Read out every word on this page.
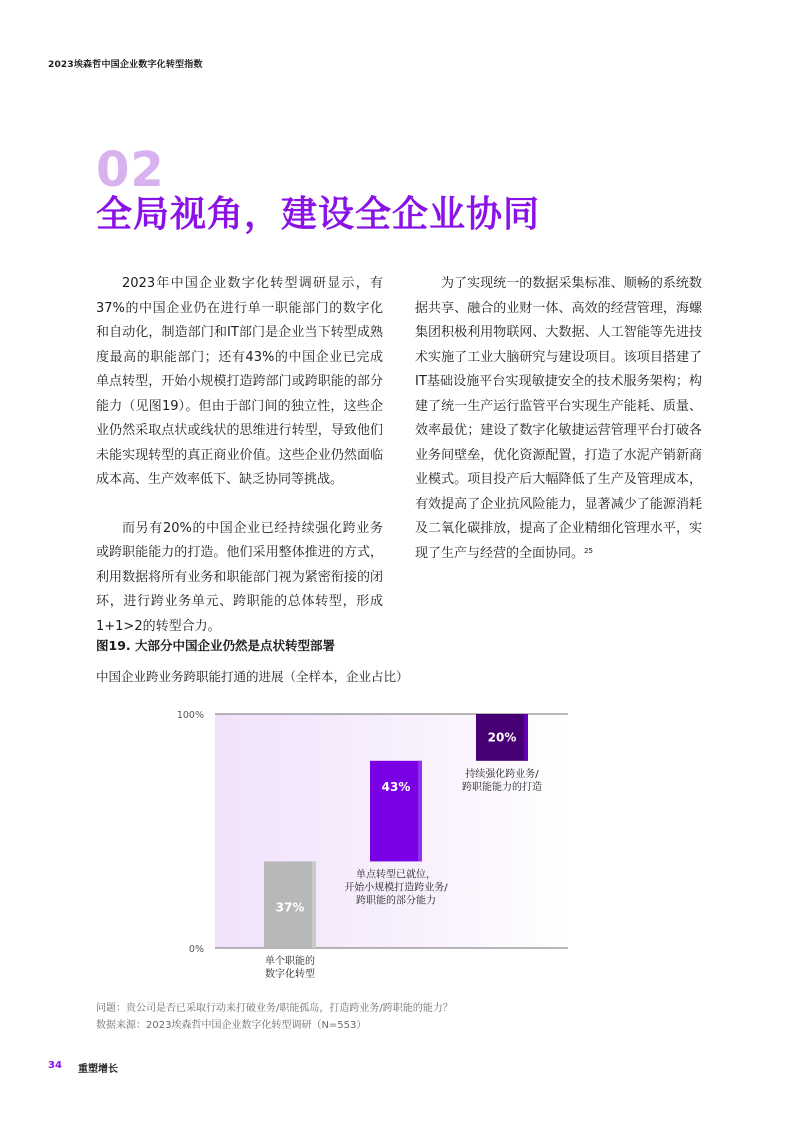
2023埃森哲中国企业数字化转型指数
02
全局视角，建设全企业协同

2023年中国企业数字化转型调研显示，有37%的中国企业仍在进行单一职能部门的数字化和自动化，制造部门和IT部门是企业当下转型成熟度最高的职能部门；还有43%的中国企业已完成单点转型，开始小规模打造跨部门或跨职能的部分能力（见图19）。但由于部门间的独立性，这些企业仍然采取点状或线状的思维进行转型，导致他们未能实现转型的真正商业价值。这些企业仍然面临成本高、生产效率低下、缺乏协同等挑战。

而另有20%的中国企业已经持续强化跨业务或跨职能能力的打造。他们采用整体推进的方式，利用数据将所有业务和职能部门视为紧密衔接的闭环，进行跨业务单元、跨职能的总体转型，形成1+1>2的转型合力。

为了实现统一的数据采集标准、顺畅的系统数据共享、融合的业财一体、高效的经营管理，海螺集团积极利用物联网、大数据、人工智能等先进技术实施了工业大脑研究与建设项目。该项目搭建了IT基础设施平台实现敏捷安全的技术服务架构；构建了统一生产运行监管平台实现生产能耗、质量、效率最优；建设了数字化敏捷运营管理平台打破各业务间壁垒，优化资源配置，打造了水泥产销新商业模式。项目投产后大幅降低了生产及管理成本，有效提高了企业抗风险能力，显著减少了能源消耗及二氧化碳排放，提高了企业精细化管理水平，实现了生产与经营的全面协同。$^{25}$

图19. 大部分中国企业仍然是点状转型部署
中国企业跨业务跨职能打通的进展（全样本，企业占比）
100%
0%
37%
单个职能的
数字化转型
43%
单点转型已就位，
开始小规模打造跨业务/
跨职能的部分能力
20%
持续强化跨业务/
跨职能能力的打造
问题：贵公司是否已采取行动来打破业务/职能孤岛，打造跨业务/跨职能的能力？
数据来源：2023埃森哲中国企业数字化转型调研（N=553）
34 重塑增长
